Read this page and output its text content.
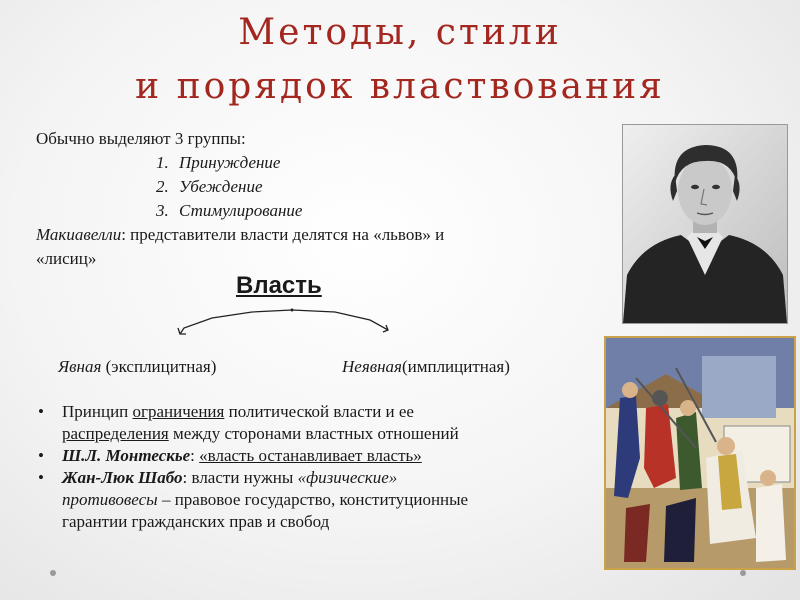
Методы, стили
и порядок властвования
Обычно выделяют 3 группы:
1. Принуждение
2. Убеждение
3. Стимулирование
Макиавелли: представители власти делятся на «львов» и
«лисиц»
Власть
Явная (эксплицитная)	Неявная(имплицитная)
• Принцип ограничения политической власти и ее
распределения между сторонами властных отношений
• Ш.Л. Монтескье: «власть останавливает власть»
• Жан-Люк Шабо: власти нужны «физические»
противовесы – правовое государство, конституционные
гарантии гражданских прав и свобод
